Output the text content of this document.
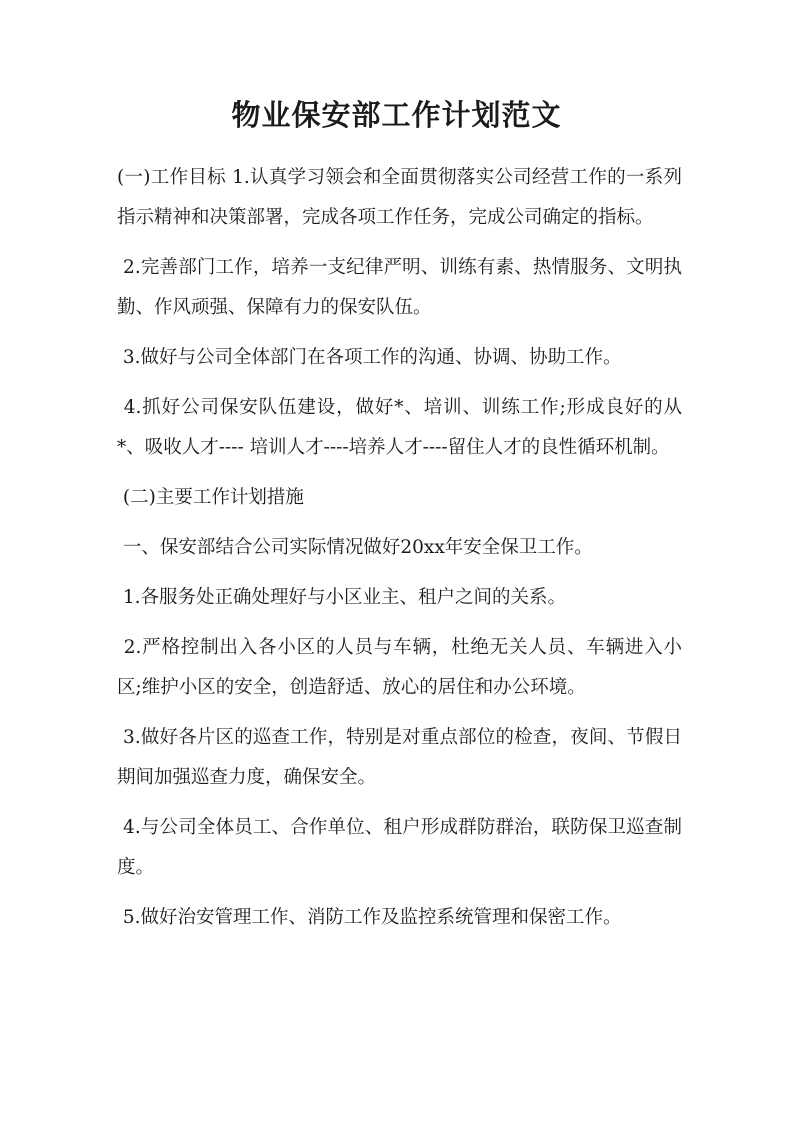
物业保安部工作计划范文

(一)工作目标 1.认真学习领会和全面贯彻落实公司经营工作的一系列指示精神和决策部署，完成各项工作任务，完成公司确定的指标。

2.完善部门工作，培养一支纪律严明、训练有素、热情服务、文明执勤、作风顽强、保障有力的保安队伍。

3.做好与公司全体部门在各项工作的沟通、协调、协助工作。

4.抓好公司保安队伍建设，做好*、培训、训练工作;形成良好的从*、吸收人才---- 培训人才----培养人才----留住人才的良性循环机制。

(二)主要工作计划措施

一、保安部结合公司实际情况做好20xx年安全保卫工作。

1.各服务处正确处理好与小区业主、租户之间的关系。

2.严格控制出入各小区的人员与车辆，杜绝无关人员、车辆进入小区;维护小区的安全，创造舒适、放心的居住和办公环境。

3.做好各片区的巡查工作，特别是对重点部位的检查，夜间、节假日期间加强巡查力度，确保安全。

4.与公司全体员工、合作单位、租户形成群防群治，联防保卫巡查制度。

5.做好治安管理工作、消防工作及监控系统管理和保密工作。
